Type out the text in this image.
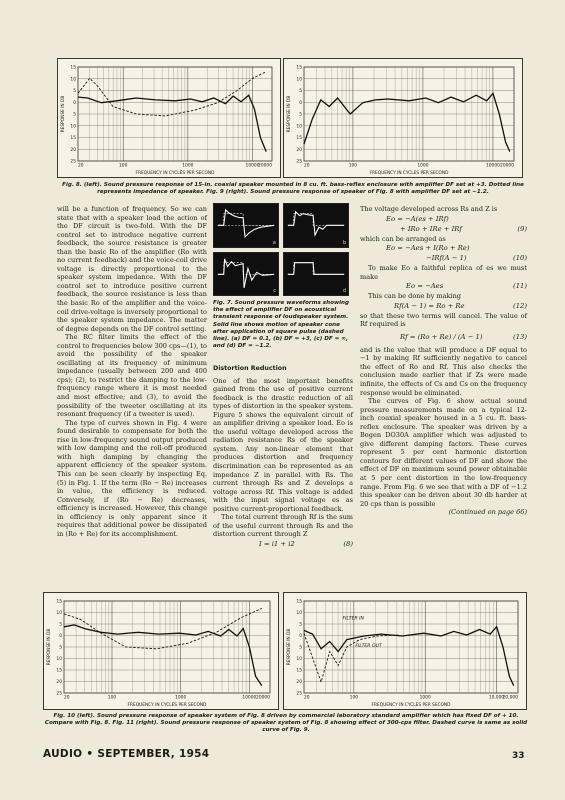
15
10
5
0
5
10
15
20
25
20	100	1000	10000
20000
FREQUENCY IN CYCLES PER SECOND
RESPONSE IN DB
15
10
5
0
5
10
15
20
25
20	100	1000	10000 20000
FREQUENCY IN CYCLES PER SECOND
RESPONSE IN DB
Fig. 8. (left). Sound pressure response of 15-in. coaxial speaker mounted in 8 cu. ft. bass-reflex enclosure with amplifier DF set at +3. Dotted line represents impedance of speaker. Fig. 9 (right). Sound pressure response of speaker of Fig. 8 with amplifier DF set at −1.2.

will be a function of frequency. So we can state that with a speaker load the action of the DF circuit is two-fold. With the DF control set to introduce negative current feedback, the source resistance is greater than the basic Ro of the amplifier (Ro with no current feedback) and the voice-coil drive voltage is directly proportional to the speaker system impedance. With the DF control set to introduce positive current feedback, the source resistance is less than the basic Ro of the amplifier and the voice-coil drive-voltage is inversely proportional to the speaker system impedance. The matter of degree depends on the DF control setting.

The RC filter limits the effect of the control to frequencies below 300 cps—(1), to avoid the possibility of the speaker oscillating at its frequency of minimum impedance (usually between 200 and 400 cps); (2), to restrict the damping to the low-frequency range where it is most needed and most effective; and (3), to avoid the possibility of the tweeter oscillating at its resonant frequency (if a tweeter is used).

The type of curves shown in Fig. 4 were found desirable to compensate for both the rise in low-frequency sound output produced with low damping and the roll-off produced with high damping by changing the apparent efficiency of the speaker system. This can be seen clearly by inspecting Eq. (5) in Fig. 1. If the term (Ro − Re) increases in value, the efficiency is reduced. Conversely, if (Ro − Re) decreases, efficiency is increased. However, this change in efficiency is only apparent since it requires that additional power be dissipated in (Ro + Re) for its accomplishment.

a	b
c	d
Fig. 7. Sound pressure waveforms showing the effect of amplifier DF on acoustical transient response of loudspeaker system. Solid line shows motion of speaker cone after application of square pulse (dashed line). (a) DF = 0.1, (b) DF = +3, (c) DF = ∞, and (d) DF = −1.2.
Distortion Reduction

One of the most important benefits gained from the use of positive current feedback is the drastic reduction of all types of distortion in the speaker system. Figure 5 shows the equivalent circuit of an amplifier driving a speaker load. Eo is the useful voltage developed across the radiation resistance Rs of the speaker system. Any non-linear element that produces distortion and frequency discrimination can be represented as an impedance Z in parallel with Rs. The current through Rs and Z develops a voltage across Rf. This voltage is added with the input signal voltage es as positive current-proportional feedback.

The total current through Rf is the sum of the useful current through Rs and the distortion current through Z

I = i1 + i2	(8)

The voltage developed across Rs and Z is

Eo = −A(es + IRf)
+ IRo + IRe + IRf	(9)

which can be arranged as

Eo = −Aes + I(Ro + Re)
−IRf(A − 1)	(10)

To make Eo a faithful replica of es we must make

Eo = −Aes	(11)

This can be done by making

Rf(A − 1) = Ro + Re	(12)

so that these two terms will cancel. The value of Rf required is

Rf = (Ro + Re) / (A − 1)	(13)

and is the value that will produce a DF equal to −1 by making Rf sufficiently negative to cancel the effect of Ro and Rf. This also checks the conclusion made earlier that if Zs were made infinite, the effects of Cs and Cs on the frequency response would be eliminated.

The curves of Fig. 6 show actual sound pressure measurements made on a typical 12-inch coaxial speaker housed in a 5 cu. ft. bass-reflex enclosure. The speaker was driven by a Bogen DO30A amplifier which was adjusted to give different damping factors. These curves represent 5 per cent harmonic distortion contours for different values of DF and show the effect of DF on maximum sound power obtainable at 5 per cent distortion in the low-frequency range. From Fig. 6 we see that with a DF of −1.2 this speaker can be driven about 30 db harder at 20 cps than is possible

(Continued on page 66)

15
10
5
0
5
10
15
20
25
20	100	1000	10000 20000
FREQUENCY IN CYCLES PER SECOND
RESPONSE IN DB
15
10
5
0
5
10
15
20
25
20	100	1000	10,000
20,000
FREQUENCY IN CYCLES PER SECOND
RESPONSE IN DB
FILTER IN
FILTER OUT
Fig. 10 (left). Sound pressure response of speaker system of Fig. 8 driven by commercial laboratory standard amplifier which has fixed DF of + 10. Compare with Fig. 8. Fig. 11 (right). Sound pressure response of speaker system of Fig. 8 showing effect of 300-cps filter. Dashed curve is same as solid curve of Fig. 9.
AUDIO • SEPTEMBER, 1954	33
